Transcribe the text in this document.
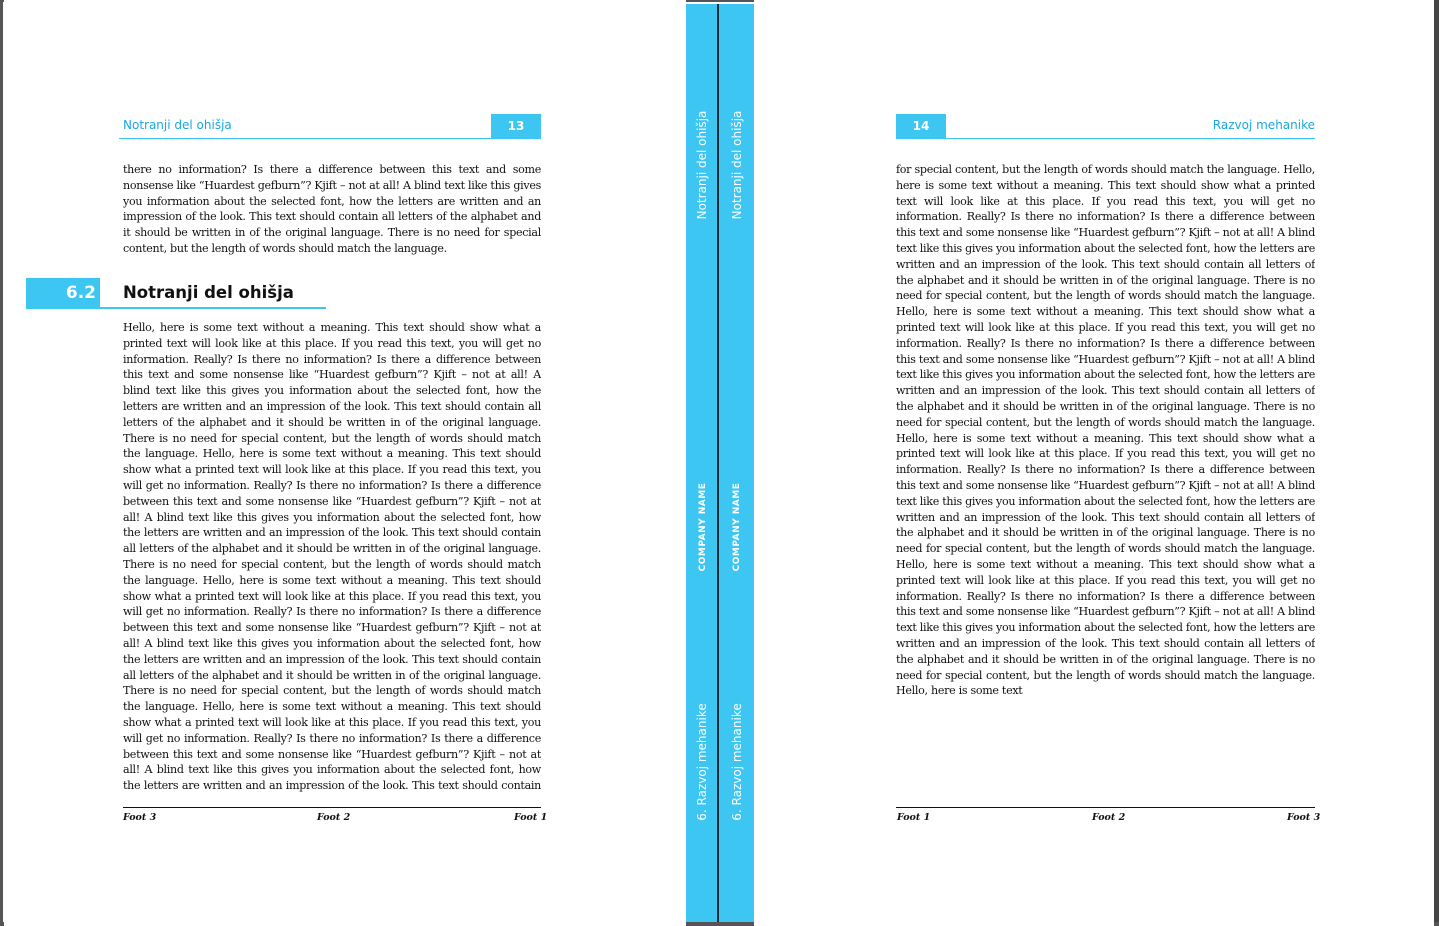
Notranji del ohišja	13

there no information? Is there a difference between this text and some nonsense like “Huardest gefburn”? Kjift – not at all! A blind text like this gives you information about the selected font, how the letters are written and an impression of the look. This text should contain all letters of the alphabet and it should be written in of the original language. There is no need for special content, but the length of words should match the language.

6.2 Notranji del ohišja

Hello, here is some text without a meaning. This text should show what a printed text will look like at this place. If you read this text, you will get no information. Really? Is there no information? Is there a difference between this text and some nonsense like “Huardest gefburn”? Kjift – not at all! A blind text like this gives you information about the selected font, how the letters are written and an impression of the look. This text should contain all letters of the alphabet and it should be written in of the original language. There is no need for special content, but the length of words should match the language. Hello, here is some text without a meaning. This text should show what a printed text will look like at this place. If you read this text, you will get no information. Really? Is there no information? Is there a difference between this text and some nonsense like “Huardest gefburn”? Kjift – not at all! A blind text like this gives you information about the selected font, how the letters are written and an impression of the look. This text should contain all letters of the alphabet and it should be written in of the original language. There is no need for special content, but the length of words should match the language. Hello, here is some text without a meaning. This text should show what a printed text will look like at this place. If you read this text, you will get no information. Really? Is there no information? Is there a difference between this text and some nonsense like “Huardest gefburn”? Kjift – not at all! A blind text like this gives you information about the selected font, how the letters are written and an impression of the look. This text should contain all letters of the alphabet and it should be written in of the original language. There is no need for special content, but the length of words should match the language. Hello, here is some text without a meaning. This text should show what a printed text will look like at this place. If you read this text, you will get no information. Really? Is there no information? Is there a difference between this text and some nonsense like “Huardest gefburn”? Kjift – not at all! A blind text like this gives you information about the selected font, how the letters are written and an impression of the look. This text should contain

Foot 3	Foot 2	Foot 1
Notranji del ohišja Notranji del ohišja
COMPANY NAME	COMPANY NAME
6. Razvoj mehanike 6. Razvoj mehanike
14	Razvoj mehanike

for special content, but the length of words should match the language. Hello, here is some text without a meaning. This text should show what a printed text will look like at this place. If you read this text, you will get no information. Really? Is there no information? Is there a difference between this text and some nonsense like “Huardest gefburn”? Kjift – not at all! A blind text like this gives you information about the selected font, how the letters are written and an impression of the look. This text should contain all letters of the alphabet and it should be written in of the original language. There is no need for special content, but the length of words should match the language. Hello, here is some text without a meaning. This text should show what a printed text will look like at this place. If you read this text, you will get no information. Really? Is there no information? Is there a difference between this text and some nonsense like “Huardest gefburn”? Kjift – not at all! A blind text like this gives you information about the selected font, how the letters are written and an impression of the look. This text should contain all letters of the alphabet and it should be written in of the original language. There is no need for special content, but the length of words should match the language. Hello, here is some text without a meaning. This text should show what a printed text will look like at this place. If you read this text, you will get no information. Really? Is there no information? Is there a difference between this text and some nonsense like “Huardest gefburn”? Kjift – not at all! A blind text like this gives you information about the selected font, how the letters are written and an impression of the look. This text should contain all letters of the alphabet and it should be written in of the original language. There is no need for special content, but the length of words should match the language. Hello, here is some text without a meaning. This text should show what a printed text will look like at this place. If you read this text, you will get no information. Really? Is there no information? Is there a difference between this text and some nonsense like “Huardest gefburn”? Kjift – not at all! A blind text like this gives you information about the selected font, how the letters are written and an impression of the look. This text should contain all letters of the alphabet and it should be written in of the original language. There is no need for special content, but the length of words should match the language. Hello, here is some text

Foot 1	Foot 2	Foot 3
